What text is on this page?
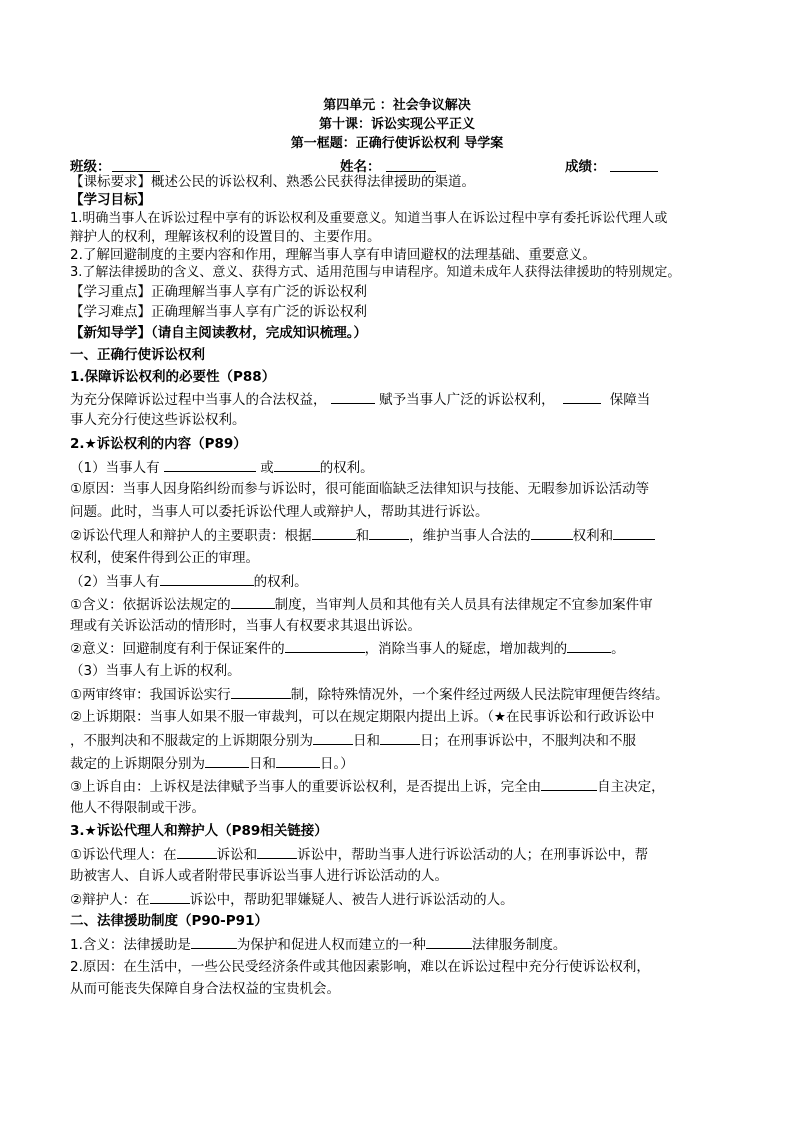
第四单元 ：社会争议解决
第十课：诉讼实现公平正义
第一框题：正确行使诉讼权利 导学案
班级：	姓名：	成绩：
【课标要求】概述公民的诉讼权利、熟悉公民获得法律援助的渠道。
【学习目标】
1.明确当事人在诉讼过程中享有的诉讼权利及重要意义。知道当事人在诉讼过程中享有委托诉讼代理人或
辩护人的权利，理解该权利的设置目的、主要作用。
2.了解回避制度的主要内容和作用，理解当事人享有申请回避权的法理基础、重要意义。
3.了解法律援助的含义、意义、获得方式、适用范围与申请程序。知道未成年人获得法律援助的特别规定。
【学习重点】正确理解当事人享有广泛的诉讼权利
【学习难点】正确理解当事人享有广泛的诉讼权利
【新知导学】（请自主阅读教材，完成知识梳理。）
一、正确行使诉讼权利
1.保障诉讼权利的必要性（P88）
为充分保障诉讼过程中当事人的合法权益，	赋予当事人广泛的诉讼权利，	保障当
事人充分行使这些诉讼权利。
2.★诉讼权利的内容（P89）
（1）当事人有	或	的权利。
①原因：当事人因身陷纠纷而参与诉讼时，很可能面临缺乏法律知识与技能、无暇参加诉讼活动等
问题。此时，当事人可以委托诉讼代理人或辩护人，帮助其进行诉讼。
②诉讼代理人和辩护人的主要职责：根据	和	，维护当事人合法的	权利和
权利，使案件得到公正的审理。
（2）当事人有	的权利。
①含义：依据诉讼法规定的	制度，当审判人员和其他有关人员具有法律规定不宜参加案件审
理或有关诉讼活动的情形时，当事人有权要求其退出诉讼。
②意义：回避制度有利于保证案件的	，消除当事人的疑虑，增加裁判的	。
（3）当事人有上诉的权利。
①两审终审：我国诉讼实行	制，除特殊情况外，一个案件经过两级人民法院审理便告终结。
②上诉期限：当事人如果不服一审裁判，可以在规定期限内提出上诉。（★在民事诉讼和行政诉讼中
，不服判决和不服裁定的上诉期限分别为	日和	日；在刑事诉讼中，不服判决和不服
裁定的上诉期限分别为	日和	日。）
③上诉自由：上诉权是法律赋予当事人的重要诉讼权利，是否提出上诉，完全由	自主决定，
他人不得限制或干涉。
3.★诉讼代理人和辩护人（P89相关链接）
①诉讼代理人：在	诉讼和	诉讼中，帮助当事人进行诉讼活动的人；在刑事诉讼中，帮
助被害人、自诉人或者附带民事诉讼当事人进行诉讼活动的人。
②辩护人：在	诉讼中，帮助犯罪嫌疑人、被告人进行诉讼活动的人。
二、法律援助制度（P90-P91）
1.含义：法律援助是	为保护和促进人权而建立的一种	法律服务制度。
2.原因：在生活中，一些公民受经济条件或其他因素影响，难以在诉讼过程中充分行使诉讼权利，
从而可能丧失保障自身合法权益的宝贵机会。
